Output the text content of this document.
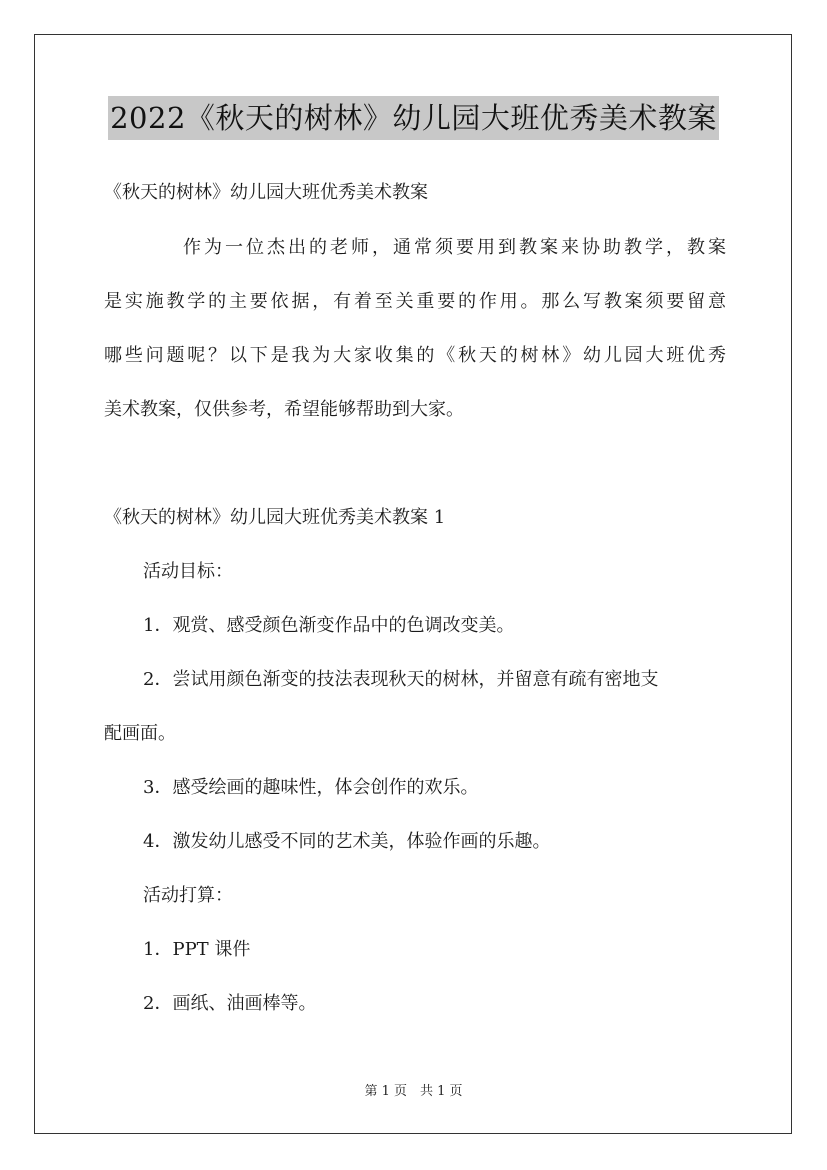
2022《秋天的树林》幼儿园大班优秀美术教案
《秋天的树林》幼儿园大班优秀美术教案
作为一位杰出的老师，通常须要用到教案来协助教学，教案
是实施教学的主要依据，有着至关重要的作用。那么写教案须要留意
哪些问题呢？以下是我为大家收集的《秋天的树林》幼儿园大班优秀
美术教案，仅供参考，希望能够帮助到大家。
《秋天的树林》幼儿园大班优秀美术教案 1
活动目标：
1．观赏、感受颜色渐变作品中的色调改变美。
2．尝试用颜色渐变的技法表现秋天的树林，并留意有疏有密地支
配画面。
3．感受绘画的趣味性，体会创作的欢乐。
4．激发幼儿感受不同的艺术美，体验作画的乐趣。
活动打算：
1．PPT 课件
2．画纸、油画棒等。
第 1 页　共 1 页
